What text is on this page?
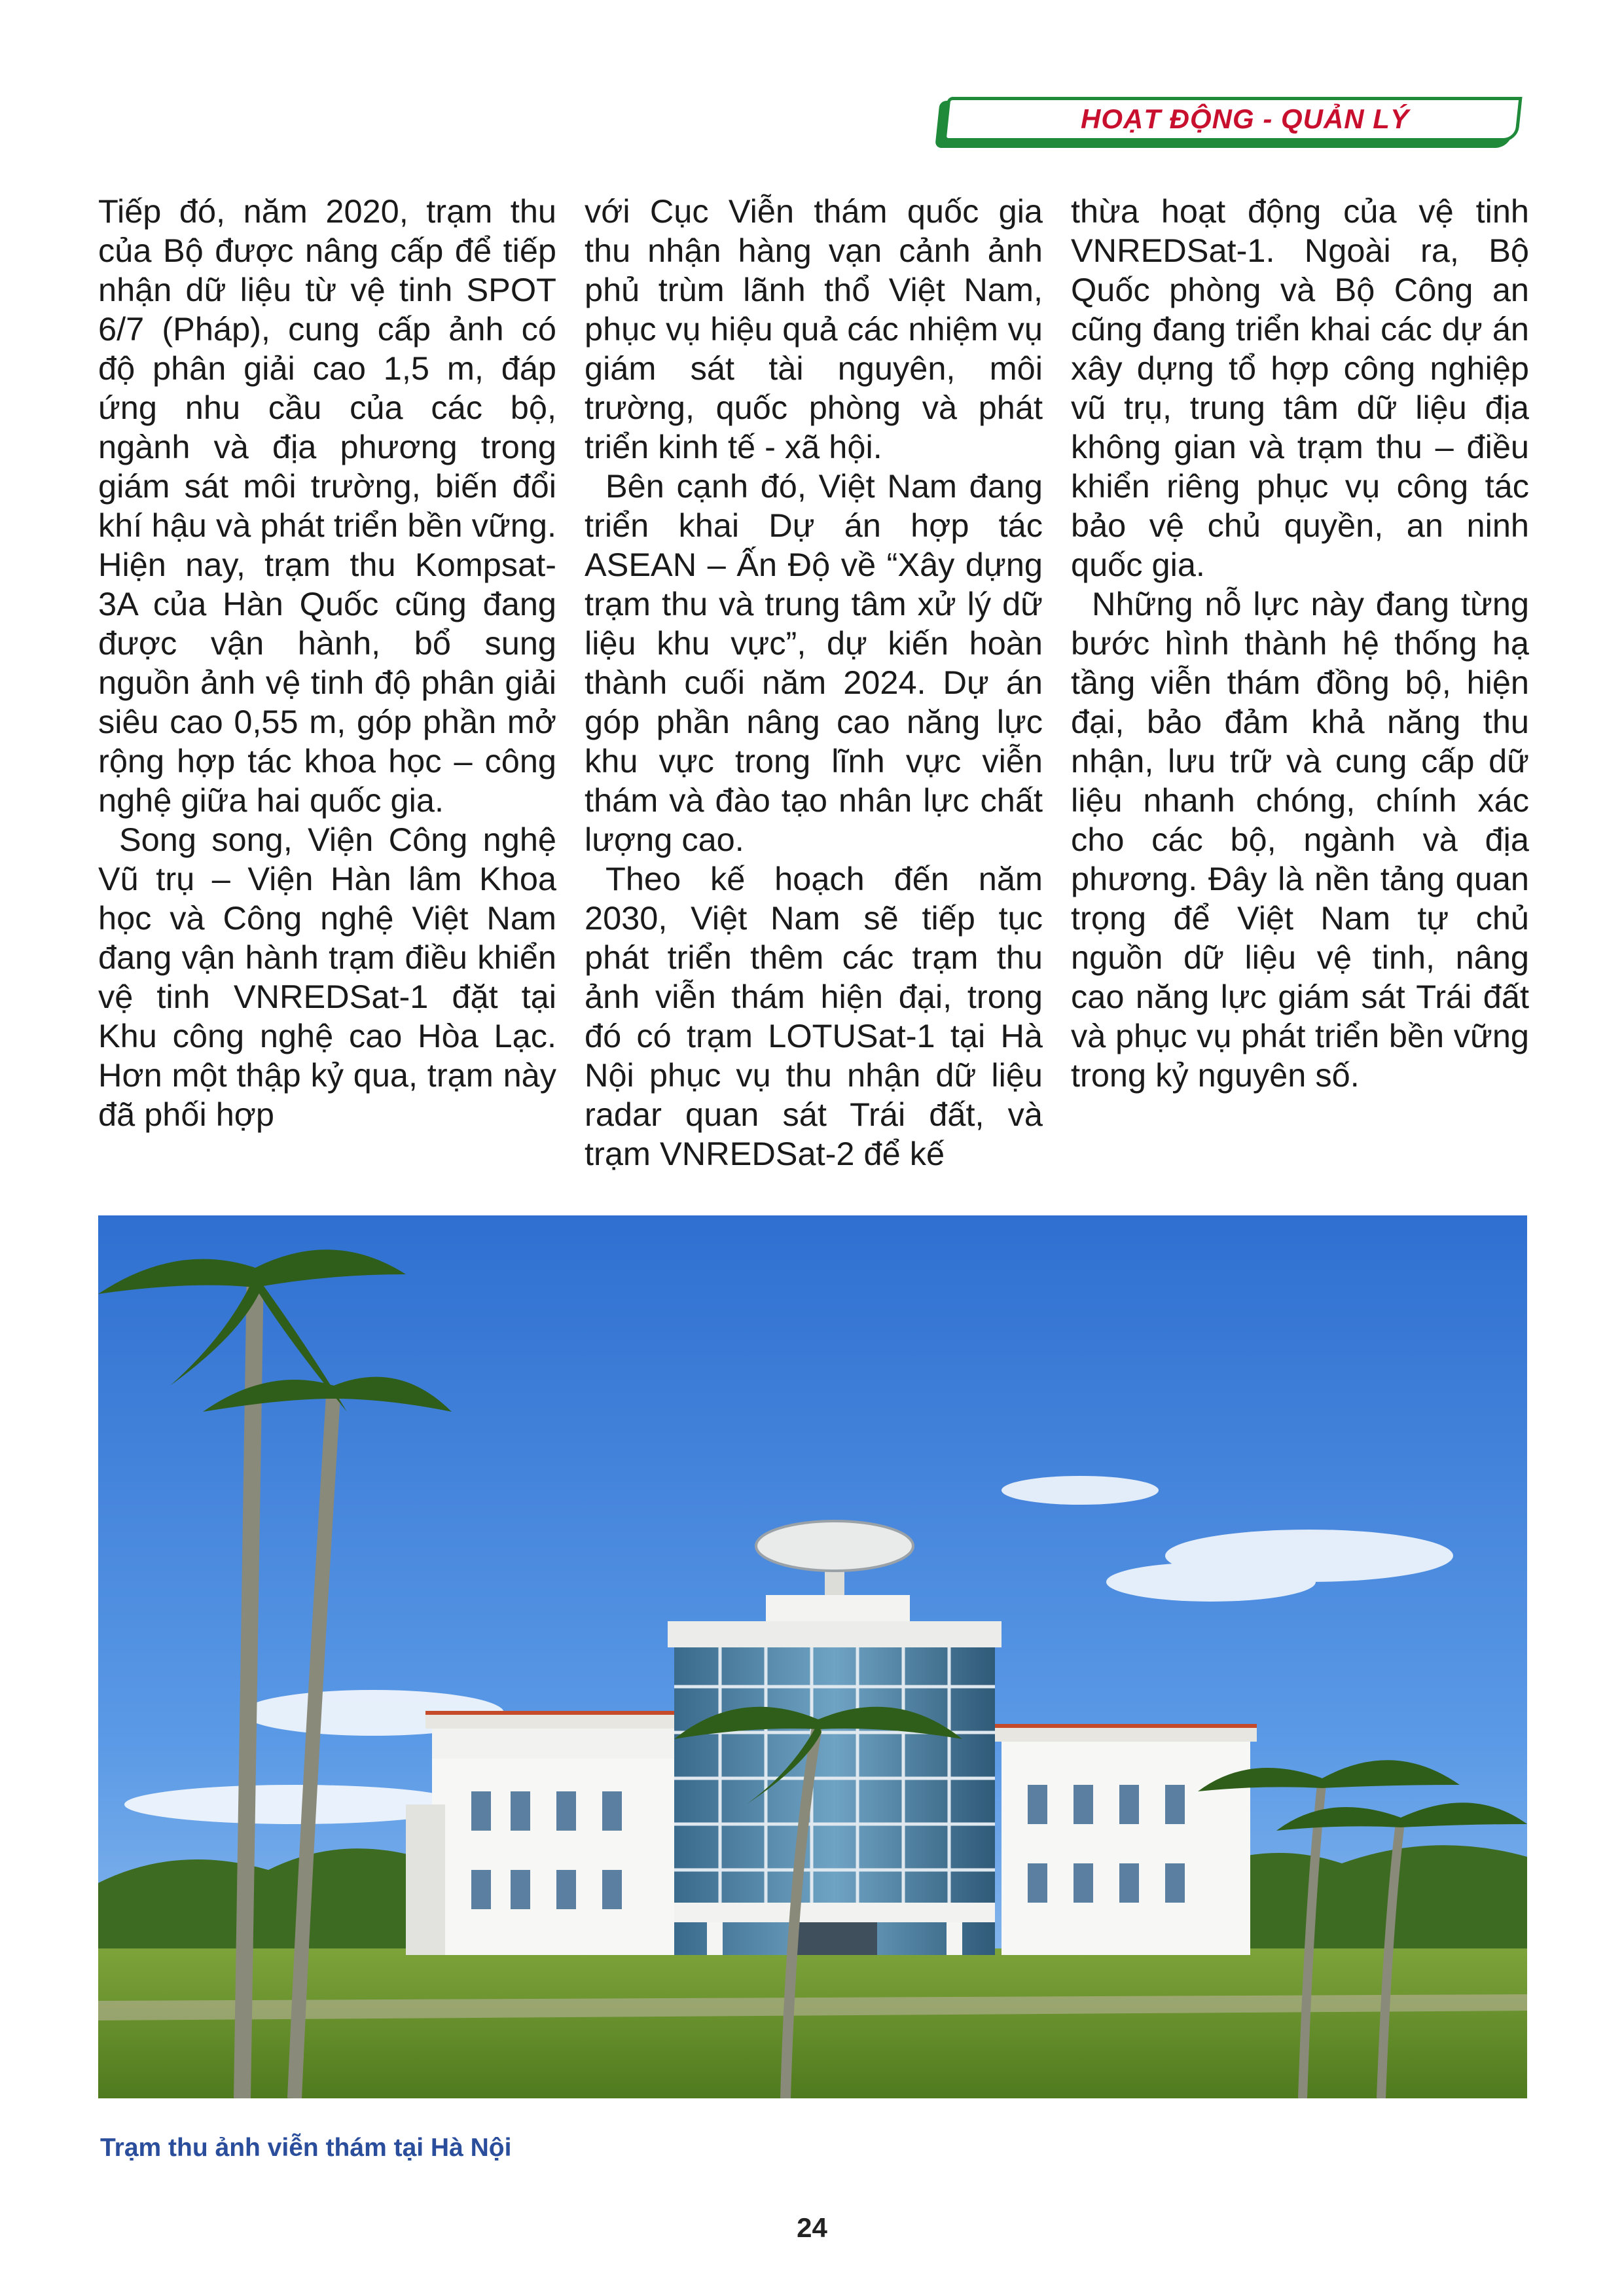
HOẠT ĐỘNG - QUẢN LÝ

Tiếp đó, năm 2020, trạm thu của Bộ được nâng cấp để tiếp nhận dữ liệu từ vệ tinh SPOT 6/7 (Pháp), cung cấp ảnh có độ phân giải cao 1,5 m, đáp ứng nhu cầu của các bộ, ngành và địa phương trong giám sát môi trường, biến đổi khí hậu và phát triển bền vững. Hiện nay, trạm thu Kompsat-3A của Hàn Quốc cũng đang được vận hành, bổ sung nguồn ảnh vệ tinh độ phân giải siêu cao 0,55 m, góp phần mở rộng hợp tác khoa học – công nghệ giữa hai quốc gia.

Song song, Viện Công nghệ Vũ trụ – Viện Hàn lâm Khoa học và Công nghệ Việt Nam đang vận hành trạm điều khiển vệ tinh VNREDSat-1 đặt tại Khu công nghệ cao Hòa Lạc. Hơn một thập kỷ qua, trạm này đã phối hợp

với Cục Viễn thám quốc gia thu nhận hàng vạn cảnh ảnh phủ trùm lãnh thổ Việt Nam, phục vụ hiệu quả các nhiệm vụ giám sát tài nguyên, môi trường, quốc phòng và phát triển kinh tế - xã hội.

Bên cạnh đó, Việt Nam đang triển khai Dự án hợp tác ASEAN – Ấn Độ về “Xây dựng trạm thu và trung tâm xử lý dữ liệu khu vực”, dự kiến hoàn thành cuối năm 2024. Dự án góp phần nâng cao năng lực khu vực trong lĩnh vực viễn thám và đào tạo nhân lực chất lượng cao.

Theo kế hoạch đến năm 2030, Việt Nam sẽ tiếp tục phát triển thêm các trạm thu ảnh viễn thám hiện đại, trong đó có trạm LOTUSat-1 tại Hà Nội phục vụ thu nhận dữ liệu radar quan sát Trái đất, và trạm VNREDSat-2 để kế

thừa hoạt động của vệ tinh VNREDSat-1. Ngoài ra, Bộ Quốc phòng và Bộ Công an cũng đang triển khai các dự án xây dựng tổ hợp công nghiệp vũ trụ, trung tâm dữ liệu địa không gian và trạm thu – điều khiển riêng phục vụ công tác bảo vệ chủ quyền, an ninh quốc gia.

Những nỗ lực này đang từng bước hình thành hệ thống hạ tầng viễn thám đồng bộ, hiện đại, bảo đảm khả năng thu nhận, lưu trữ và cung cấp dữ liệu nhanh chóng, chính xác cho các bộ, ngành và địa phương. Đây là nền tảng quan trọng để Việt Nam tự chủ nguồn dữ liệu vệ tinh, nâng cao năng lực giám sát Trái đất và phục vụ phát triển bền vững trong kỷ nguyên số.

Trạm thu ảnh viễn thám tại Hà Nội
24
